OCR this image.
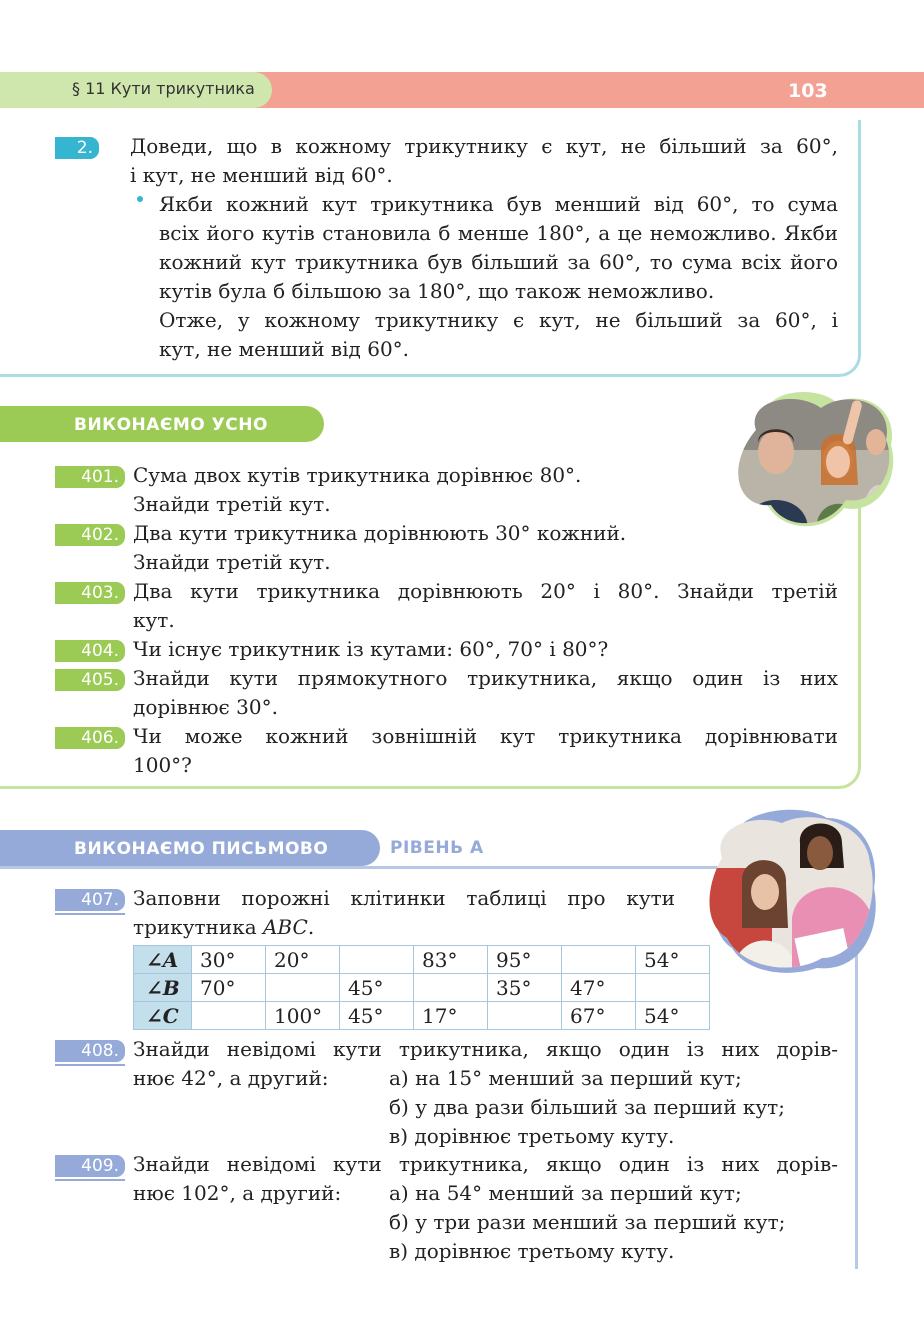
§ 11 Кути трикутника	103
2.	Доведи, що в кожному трикутнику є кут, не більший за 60°,
і кут, не менший від 60°.
Якби кожний кут трикутника був менший від 60°, то сума
всіх його кутів становила б менше 180°, а це неможливо. Якби
кожний кут трикутника був більший за 60°, то сума всіх його
кутів була б більшою за 180°, що також неможливо.
Отже, у кожному трикутнику є кут, не більший за 60°, і
кут, не менший від 60°.
ВИКОНАЄМО УСНО
401. Сума двох кутів трикутника дорівнює 80°.
Знайди третій кут.
402. Два кути трикутника дорівнюють 30° кожний.
Знайди третій кут.
403. Два кути трикутника дорівнюють 20° і 80°. Знайди третій
кут.
404. Чи існує трикутник із кутами: 60°, 70° і 80°?
405. Знайди кути прямокутного трикутника, якщо один із них
дорівнює 30°.
406. Чи може кожний зовнішній кут трикутника дорівнювати
100°?
ВИКОНАЄМО ПИСЬМОВО	РІВЕНЬ А
407. Заповни порожні клітинки таблиці про кути
трикутника ABC.
∠A	30°	20°		83°	95°		54°
∠B	70°		45°		35°	47°	
∠C		100°	45°	17°		67°	54°
408. Знайди невідомі кути трикутника, якщо один із них дорів-
нює 42°, а другий:	а) на 15° менший за перший кут;
б) у два рази більший за перший кут;
в) дорівнює третьому куту.
409. Знайди невідомі кути трикутника, якщо один із них дорів-
нює 102°, а другий: а) на 54° менший за перший кут;
б) у три рази менший за перший кут;
в) дорівнює третьому куту.
